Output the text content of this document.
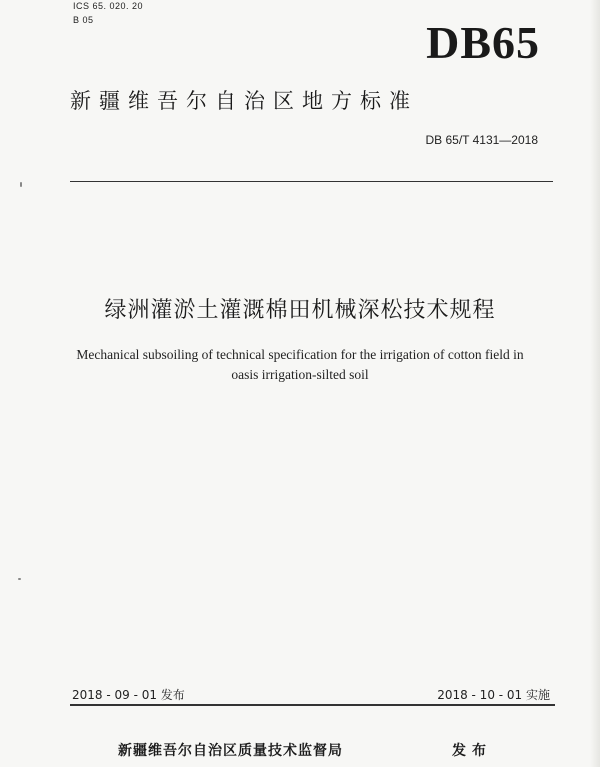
ICS 65. 020. 20
B 05	DB65
新疆维吾尔自治区地方标准
DB 65/T 4131—2018
绿洲灌淤土灌溉棉田机械深松技术规程
Mechanical subsoiling of technical specification for the irrigation of cotton field in
oasis irrigation-silted soil
2018 - 09 - 01 发布	2018 - 10 - 01 实施
新疆维吾尔自治区质量技术监督局	发布
